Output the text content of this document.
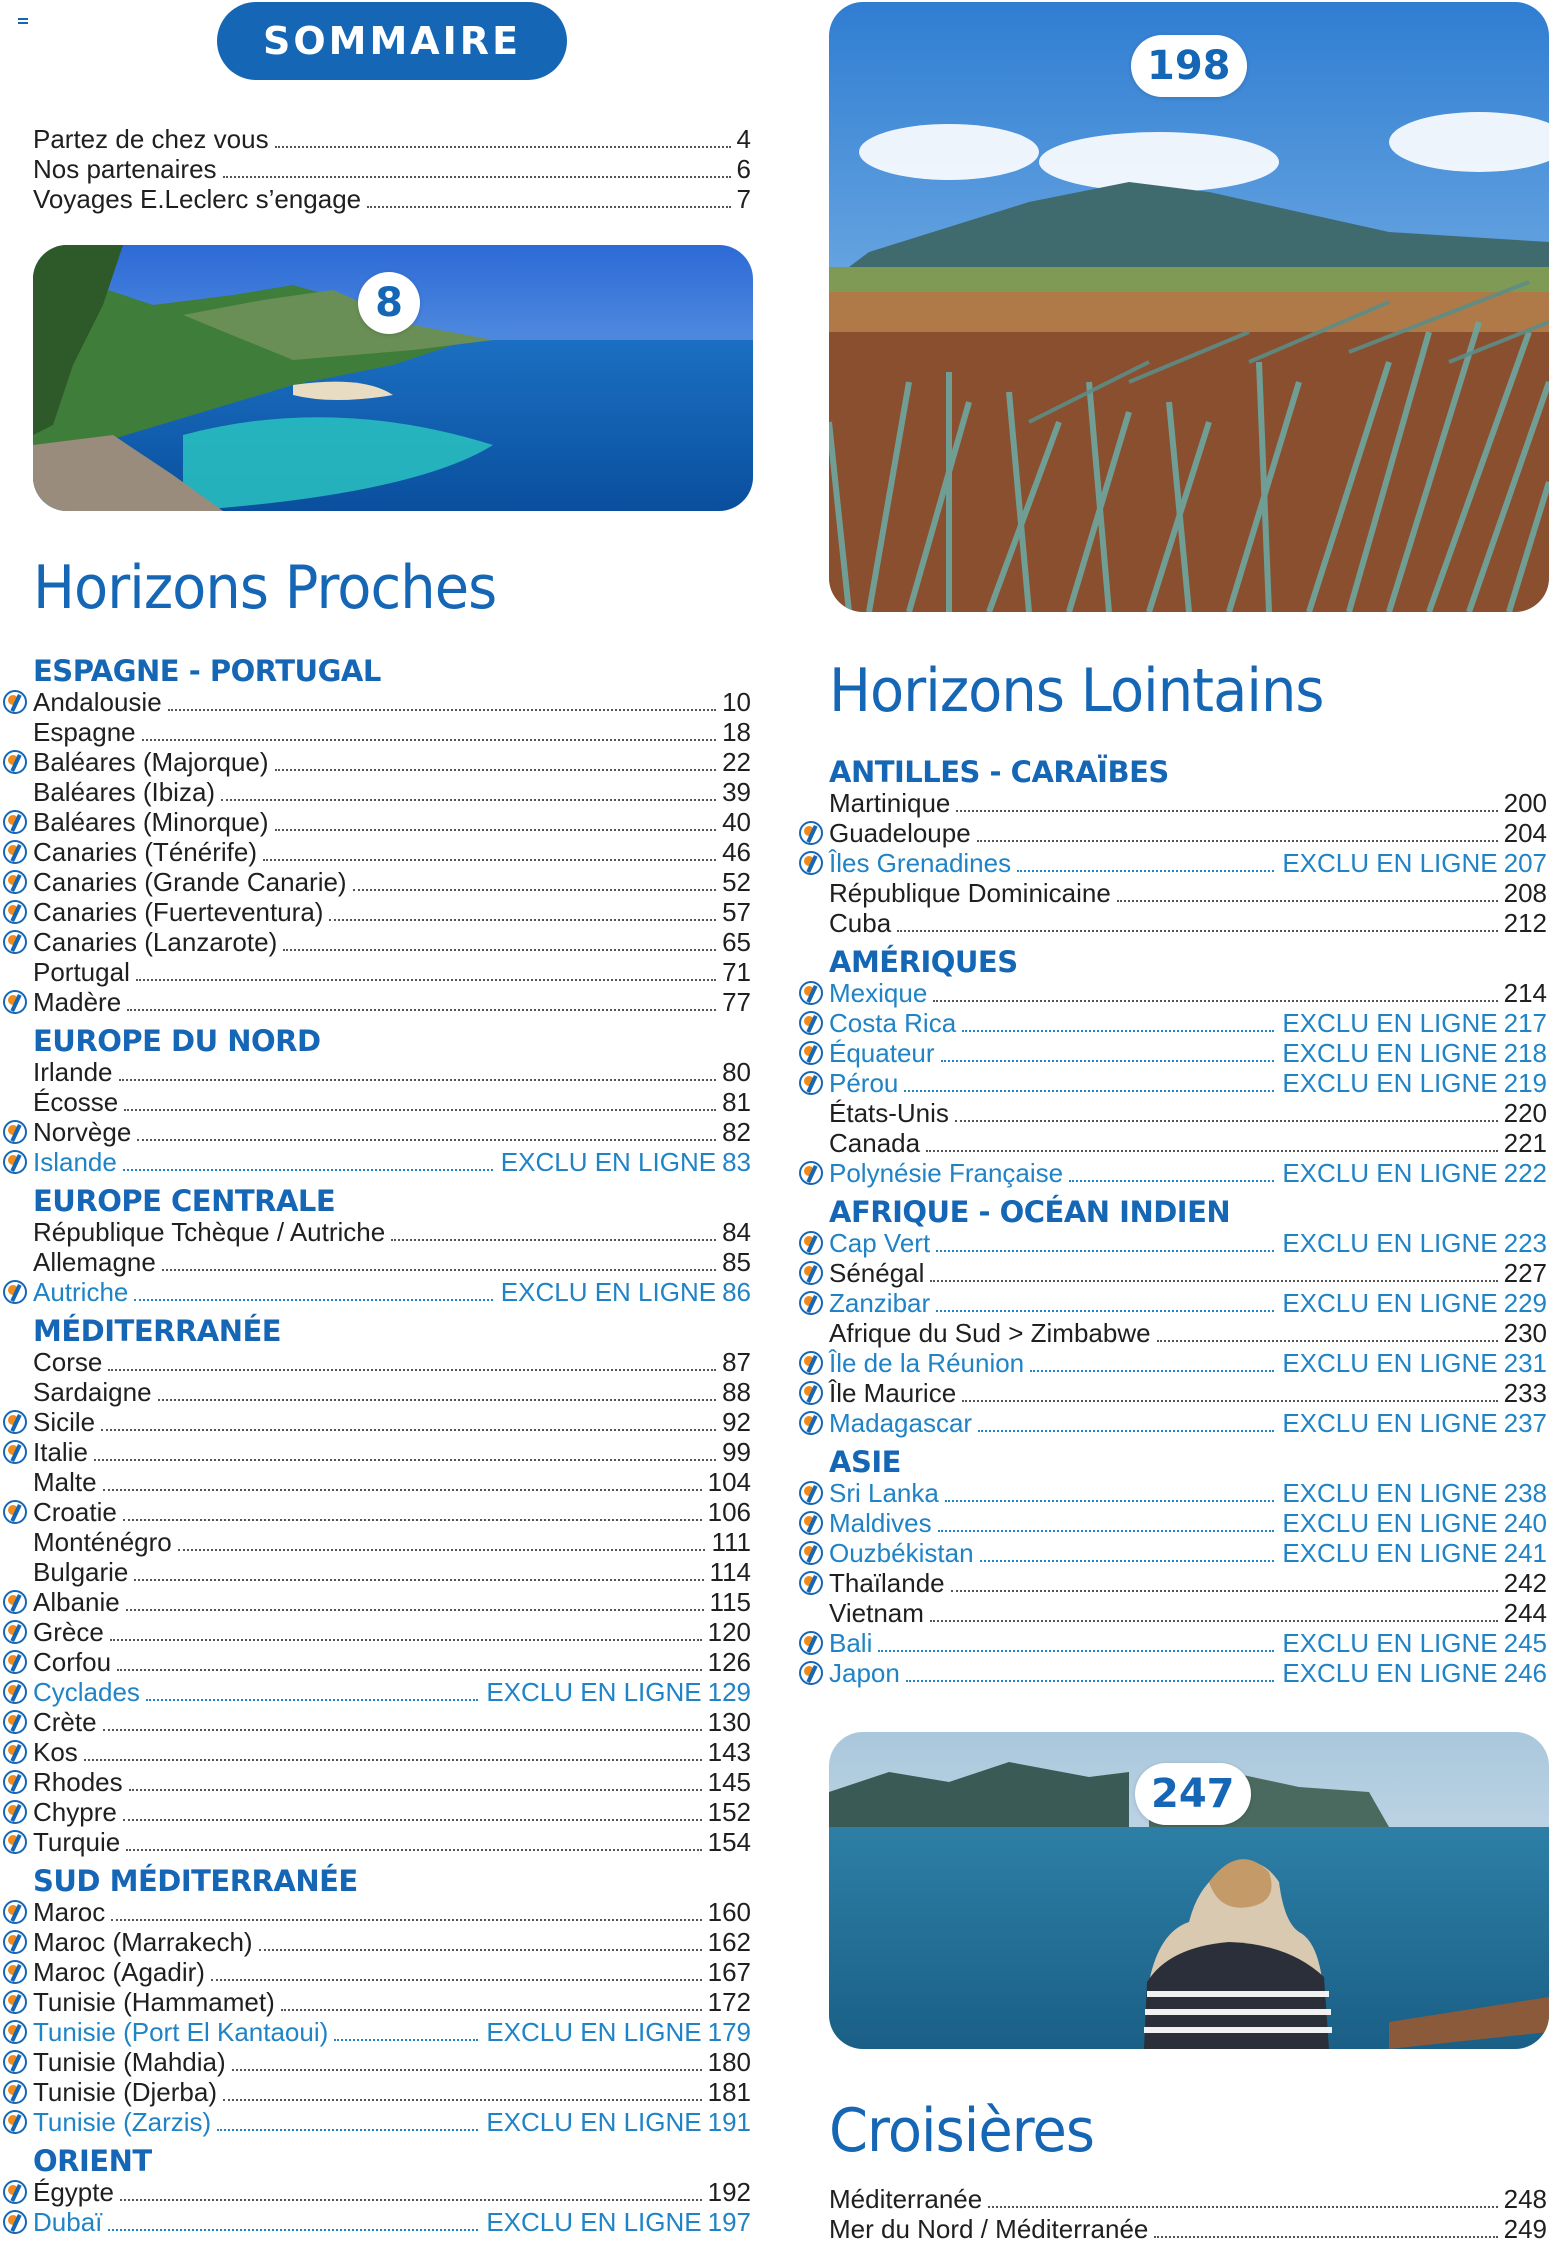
SOMMAIRE
Partez de chez vous	4
Nos partenaires	6
Voyages E.Leclerc s’engage	7
8
Horizons Proches
ESPAGNE - PORTUGAL
Andalousie	10
Espagne	18
Baléares (Majorque)	22
Baléares (Ibiza)	39
Baléares (Minorque)	40
Canaries (Ténérife)	46
Canaries (Grande Canarie)	52
Canaries (Fuerteventura)	57
Canaries (Lanzarote)	65
Portugal	71
Madère	77
EUROPE DU NORD
Irlande	80
Écosse	81
Norvège	82
Islande	EXCLU EN LIGNE 83
EUROPE CENTRALE
République Tchèque / Autriche	84
Allemagne	85
Autriche	EXCLU EN LIGNE 86
MÉDITERRANÉE
Corse	87
Sardaigne	88
Sicile	92
Italie	99
Malte	104
Croatie	106
Monténégro	111
Bulgarie	114
Albanie	115
Grèce	120
Corfou	126
Cyclades	EXCLU EN LIGNE 129
Crète	130
Kos	143
Rhodes	145
Chypre	152
Turquie	154
SUD MÉDITERRANÉE
Maroc	160
Maroc (Marrakech)	162
Maroc (Agadir)	167
Tunisie (Hammamet)	172
Tunisie (Port El Kantaoui)	EXCLU EN LIGNE 179
Tunisie (Mahdia)	180
Tunisie (Djerba)	181
Tunisie (Zarzis)	EXCLU EN LIGNE 191
ORIENT
Égypte	192
Dubaï	EXCLU EN LIGNE 197
198
Horizons Lointains
ANTILLES - CARAÏBES
Martinique	200
Guadeloupe	204
Îles Grenadines	EXCLU EN LIGNE 207
République Dominicaine	208
Cuba	212
AMÉRIQUES
Mexique	214
Costa Rica	EXCLU EN LIGNE 217
Équateur	EXCLU EN LIGNE 218
Pérou	EXCLU EN LIGNE 219
États-Unis	220
Canada	221
Polynésie Française	EXCLU EN LIGNE 222
AFRIQUE - OCÉAN INDIEN
Cap Vert	EXCLU EN LIGNE 223
Sénégal	227
Zanzibar	EXCLU EN LIGNE 229
Afrique du Sud > Zimbabwe	230
Île de la Réunion	EXCLU EN LIGNE 231
Île Maurice	233
Madagascar	EXCLU EN LIGNE 237
ASIE
Sri Lanka	EXCLU EN LIGNE 238
Maldives	EXCLU EN LIGNE 240
Ouzbékistan	EXCLU EN LIGNE 241
Thaïlande	242
Vietnam	244
Bali	EXCLU EN LIGNE 245
Japon	EXCLU EN LIGNE 246
247
Croisières
Méditerranée	248
Mer du Nord / Méditerranée	249
